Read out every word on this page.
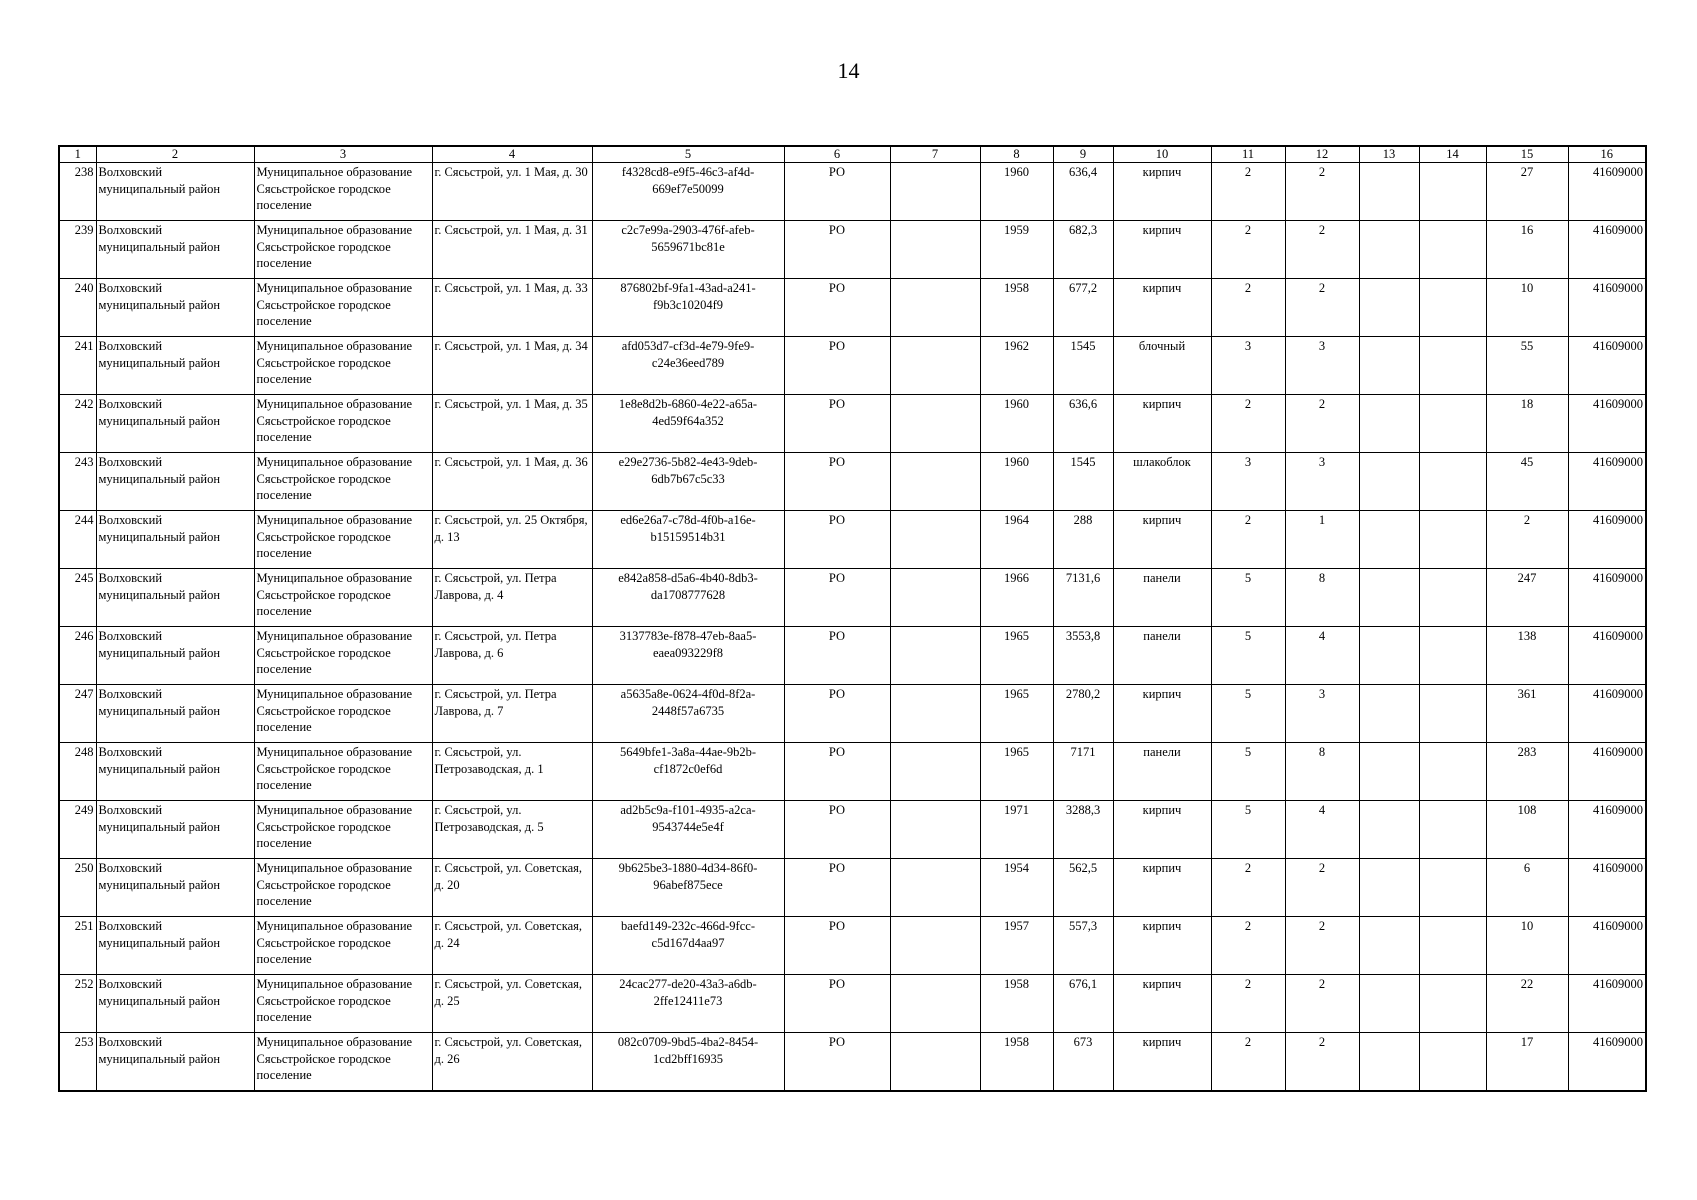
14
1	2	3	4	5	6	7	8	9	10	11	12	13	14	15	16
238	Волховский муниципальный район	Муниципальное образование Сясьстройское городское поселение	г. Сясьстрой, ул. 1 Мая, д. 30	f4328cd8-e9f5-46c3-af4d-669ef7e50099	РО		1960	636,4	кирпич	2	2			27	41609000
239	Волховский муниципальный район	Муниципальное образование Сясьстройское городское поселение	г. Сясьстрой, ул. 1 Мая, д. 31	c2c7e99a-2903-476f-afeb-5659671bc81e	РО		1959	682,3	кирпич	2	2			16	41609000
240	Волховский муниципальный район	Муниципальное образование Сясьстройское городское поселение	г. Сясьстрой, ул. 1 Мая, д. 33	876802bf-9fa1-43ad-a241-f9b3c10204f9	РО		1958	677,2	кирпич	2	2			10	41609000
241	Волховский муниципальный район	Муниципальное образование Сясьстройское городское поселение	г. Сясьстрой, ул. 1 Мая, д. 34	afd053d7-cf3d-4e79-9fe9-c24e36eed789	РО		1962	1545	блочный	3	3			55	41609000
242	Волховский муниципальный район	Муниципальное образование Сясьстройское городское поселение	г. Сясьстрой, ул. 1 Мая, д. 35	1e8e8d2b-6860-4e22-a65a-4ed59f64a352	РО		1960	636,6	кирпич	2	2			18	41609000
243	Волховский муниципальный район	Муниципальное образование Сясьстройское городское поселение	г. Сясьстрой, ул. 1 Мая, д. 36	e29e2736-5b82-4e43-9deb-6db7b67c5c33	РО		1960	1545	шлакоблок	3	3			45	41609000
244	Волховский муниципальный район	Муниципальное образование Сясьстройское городское поселение	г. Сясьстрой, ул. 25 Октября, д. 13	ed6e26a7-c78d-4f0b-a16e-b15159514b31	РО		1964	288	кирпич	2	1			2	41609000
245	Волховский муниципальный район	Муниципальное образование Сясьстройское городское поселение	г. Сясьстрой, ул. Петра Лаврова, д. 4	e842a858-d5a6-4b40-8db3-da1708777628	РО		1966	7131,6	панели	5	8			247	41609000
246	Волховский муниципальный район	Муниципальное образование Сясьстройское городское поселение	г. Сясьстрой, ул. Петра Лаврова, д. 6	3137783e-f878-47eb-8aa5-eaea093229f8	РО		1965	3553,8	панели	5	4			138	41609000
247	Волховский муниципальный район	Муниципальное образование Сясьстройское городское поселение	г. Сясьстрой, ул. Петра Лаврова, д. 7	a5635a8e-0624-4f0d-8f2a-2448f57a6735	РО		1965	2780,2	кирпич	5	3			361	41609000
248	Волховский муниципальный район	Муниципальное образование Сясьстройское городское поселение	г. Сясьстрой, ул. Петрозаводская, д. 1	5649bfe1-3a8a-44ae-9b2b-cf1872c0ef6d	РО		1965	7171	панели	5	8			283	41609000
249	Волховский муниципальный район	Муниципальное образование Сясьстройское городское поселение	г. Сясьстрой, ул. Петрозаводская, д. 5	ad2b5c9a-f101-4935-a2ca-9543744e5e4f	РО		1971	3288,3	кирпич	5	4			108	41609000
250	Волховский муниципальный район	Муниципальное образование Сясьстройское городское поселение	г. Сясьстрой, ул. Советская, д. 20	9b625be3-1880-4d34-86f0-96abef875ece	РО		1954	562,5	кирпич	2	2			6	41609000
251	Волховский муниципальный район	Муниципальное образование Сясьстройское городское поселение	г. Сясьстрой, ул. Советская, д. 24	baefd149-232c-466d-9fcc-c5d167d4aa97	РО		1957	557,3	кирпич	2	2			10	41609000
252	Волховский муниципальный район	Муниципальное образование Сясьстройское городское поселение	г. Сясьстрой, ул. Советская, д. 25	24cac277-de20-43a3-a6db-2ffe12411e73	РО		1958	676,1	кирпич	2	2			22	41609000
253	Волховский муниципальный район	Муниципальное образование Сясьстройское городское поселение	г. Сясьстрой, ул. Советская, д. 26	082c0709-9bd5-4ba2-8454-1cd2bff16935	РО		1958	673	кирпич	2	2			17	41609000
